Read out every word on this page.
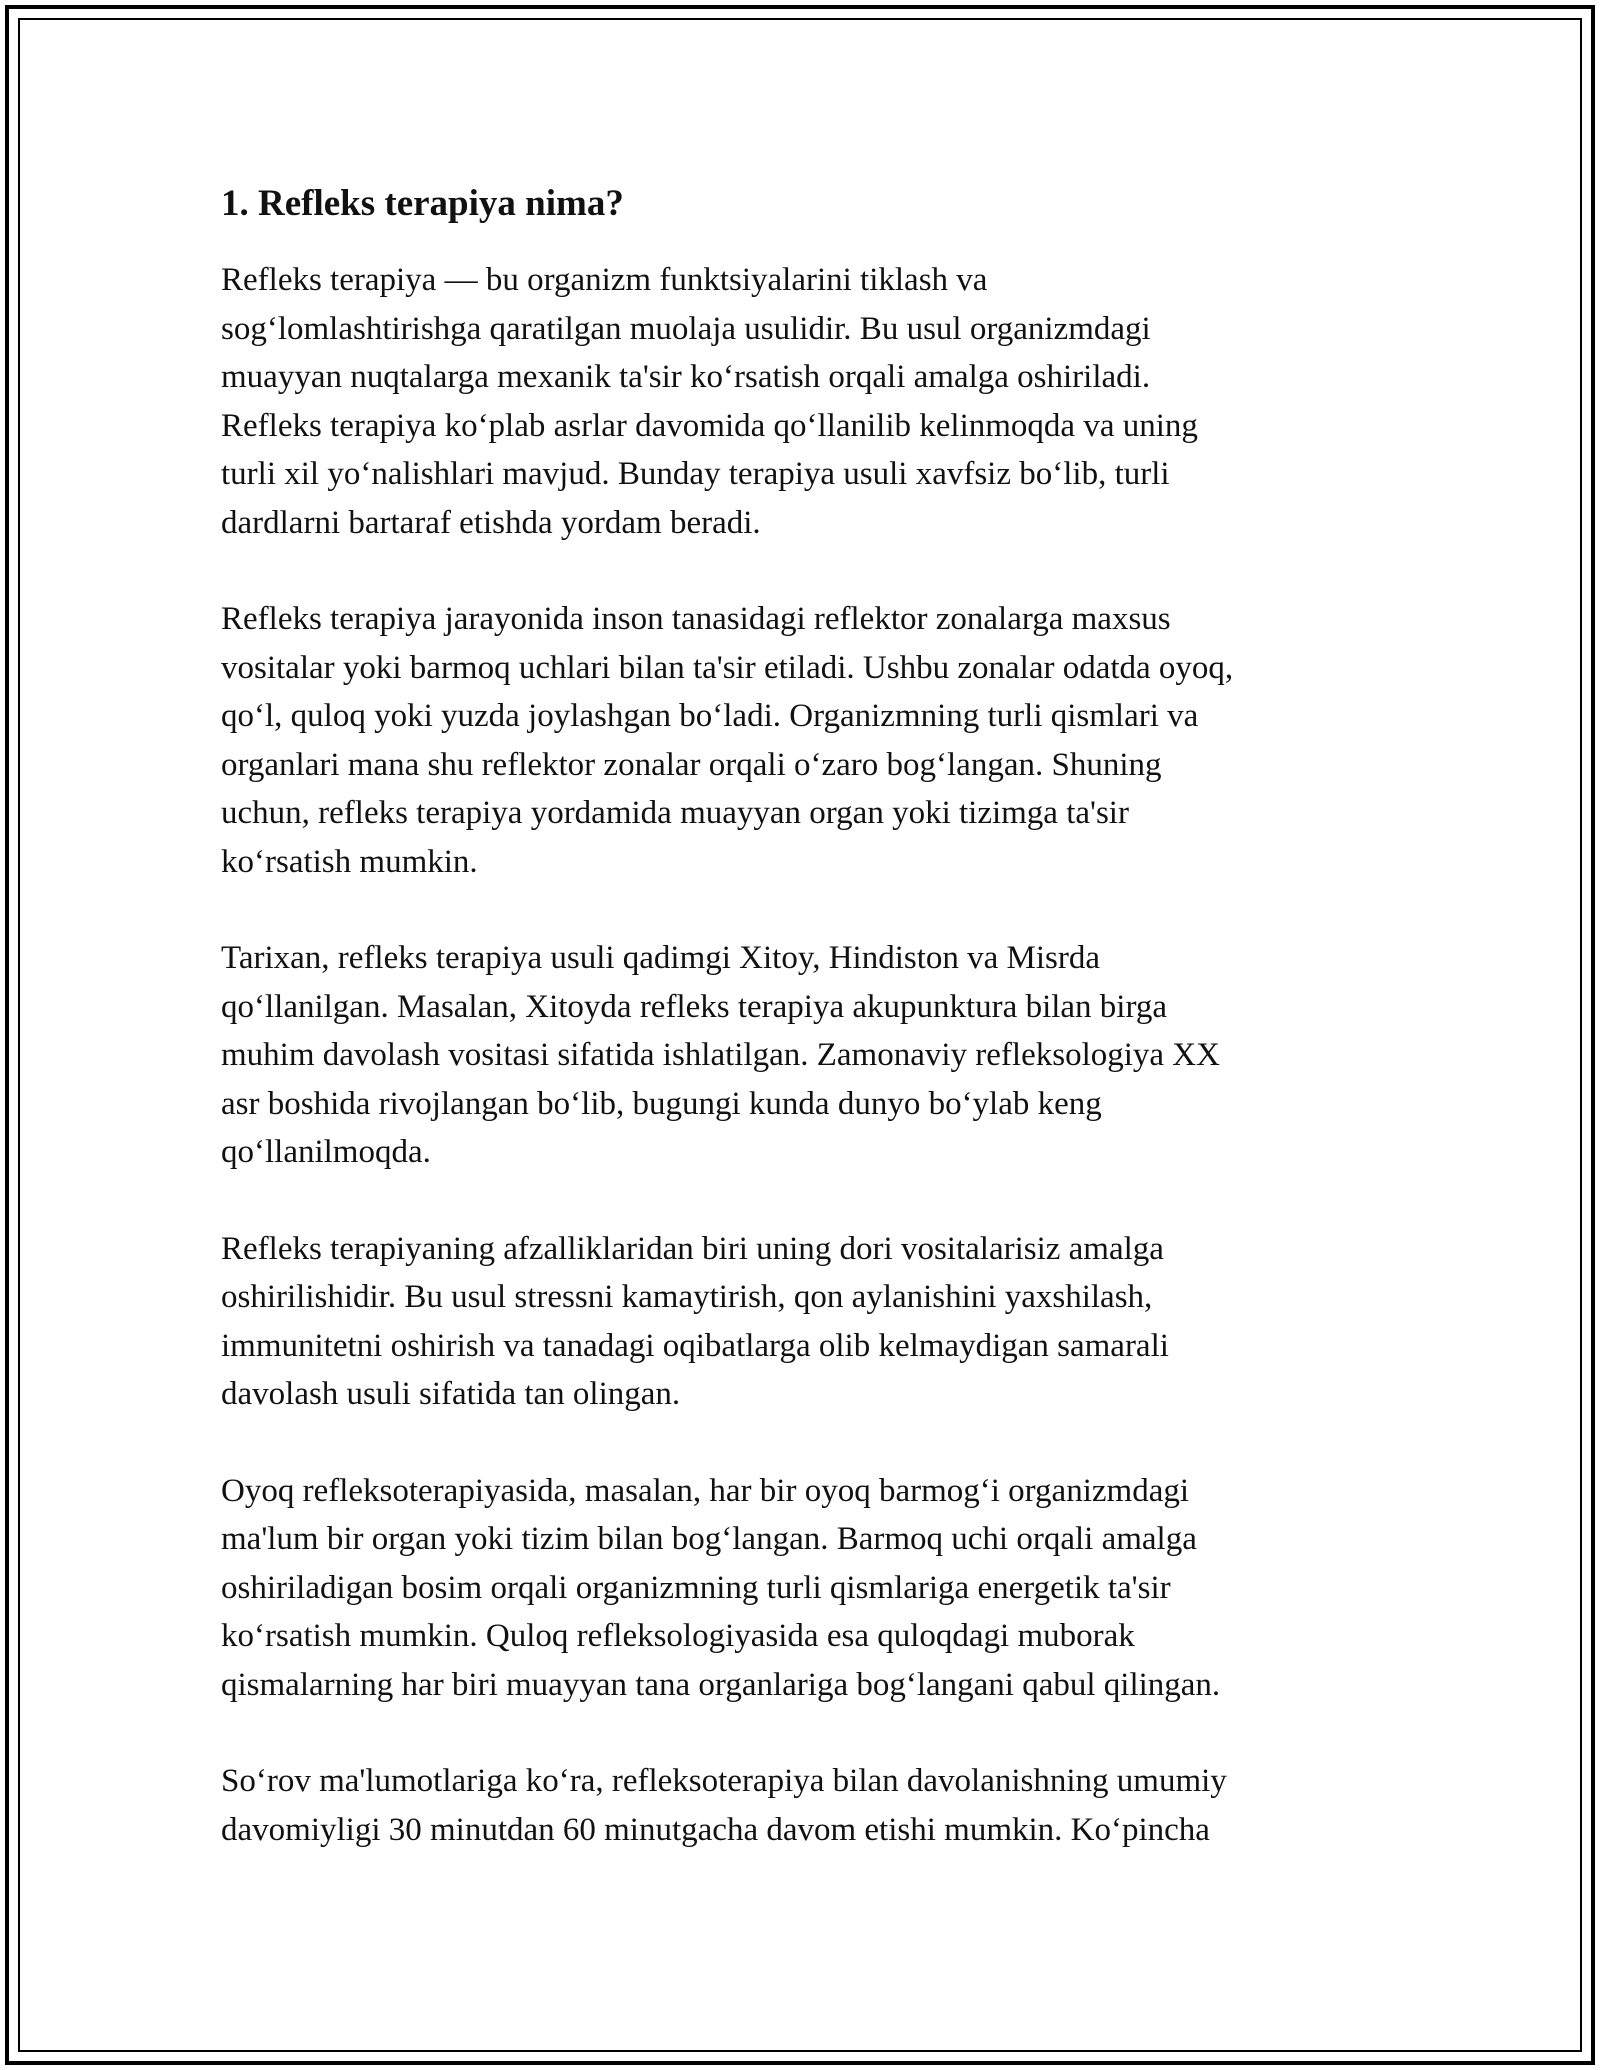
1. Refleks terapiya nima?

Refleks terapiya — bu organizm funktsiyalarini tiklash va
sog‘lomlashtirishga qaratilgan muolaja usulidir. Bu usul organizmdagi
muayyan nuqtalarga mexanik ta'sir ko‘rsatish orqali amalga oshiriladi.
Refleks terapiya ko‘plab asrlar davomida qo‘llanilib kelinmoqda va uning
turli xil yo‘nalishlari mavjud. Bunday terapiya usuli xavfsiz bo‘lib, turli
dardlarni bartaraf etishda yordam beradi.

Refleks terapiya jarayonida inson tanasidagi reflektor zonalarga maxsus
vositalar yoki barmoq uchlari bilan ta'sir etiladi. Ushbu zonalar odatda oyoq,
qo‘l, quloq yoki yuzda joylashgan bo‘ladi. Organizmning turli qismlari va
organlari mana shu reflektor zonalar orqali o‘zaro bog‘langan. Shuning
uchun, refleks terapiya yordamida muayyan organ yoki tizimga ta'sir
ko‘rsatish mumkin.

Tarixan, refleks terapiya usuli qadimgi Xitoy, Hindiston va Misrda
qo‘llanilgan. Masalan, Xitoyda refleks terapiya akupunktura bilan birga
muhim davolash vositasi sifatida ishlatilgan. Zamonaviy refleksologiya XX
asr boshida rivojlangan bo‘lib, bugungi kunda dunyo bo‘ylab keng
qo‘llanilmoqda.

Refleks terapiyaning afzalliklaridan biri uning dori vositalarisiz amalga
oshirilishidir. Bu usul stressni kamaytirish, qon aylanishini yaxshilash,
immunitetni oshirish va tanadagi oqibatlarga olib kelmaydigan samarali
davolash usuli sifatida tan olingan.

Oyoq refleksoterapiyasida, masalan, har bir oyoq barmog‘i organizmdagi
ma'lum bir organ yoki tizim bilan bog‘langan. Barmoq uchi orqali amalga
oshiriladigan bosim orqali organizmning turli qismlariga energetik ta'sir
ko‘rsatish mumkin. Quloq refleksologiyasida esa quloqdagi muborak
qismalarning har biri muayyan tana organlariga bog‘langani qabul qilingan.

So‘rov ma'lumotlariga ko‘ra, refleksoterapiya bilan davolanishning umumiy
davomiyligi 30 minutdan 60 minutgacha davom etishi mumkin. Ko‘pincha
